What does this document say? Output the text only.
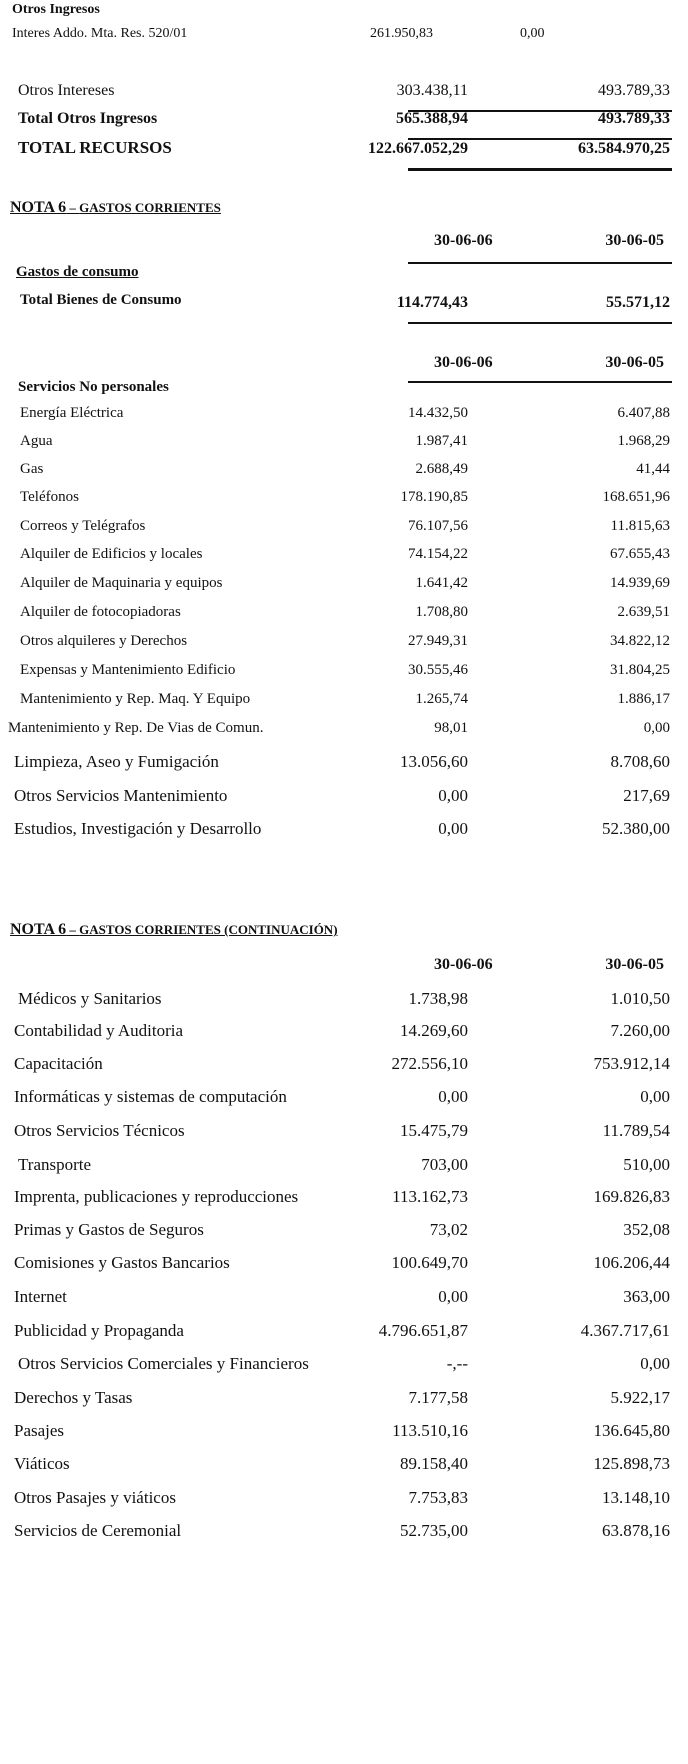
Otros Ingresos
Interes Addo. Mta. Res. 520/01	261.950,83	0,00
Otros Intereses	303.438,11	493.789,33
Total Otros Ingresos	565.388,94	493.789,33
TOTAL RECURSOS	122.667.052,29	63.584.970,25
NOTA 6 – GASTOS CORRIENTES
30-06-06	30-06-05
Gastos de consumo
Total Bienes de Consumo	114.774,43	55.571,12
30-06-06	30-06-05
Servicios No personales
Energía Eléctrica	14.432,50	6.407,88
Agua	1.987,41	1.968,29
Gas	2.688,49	41,44
Teléfonos	178.190,85	168.651,96
Correos y Telégrafos	76.107,56	11.815,63
Alquiler de Edificios y locales	74.154,22	67.655,43
Alquiler de Maquinaria y equipos	1.641,42	14.939,69
Alquiler de fotocopiadoras	1.708,80	2.639,51
Otros alquileres y Derechos	27.949,31	34.822,12
Expensas y Mantenimiento Edificio	30.555,46	31.804,25
Mantenimiento y Rep. Maq. Y Equipo	1.265,74	1.886,17
Mantenimiento y Rep. De Vias de Comun.	98,01	0,00
Limpieza, Aseo y Fumigación	13.056,60	8.708,60
Otros Servicios Mantenimiento	0,00	217,69
Estudios, Investigación y Desarrollo	0,00	52.380,00
NOTA 6 – GASTOS CORRIENTES (CONTINUACIÓN)
30-06-06	30-06-05
Médicos y Sanitarios	1.738,98	1.010,50
Contabilidad y Auditoria	14.269,60	7.260,00
Capacitación	272.556,10	753.912,14
Informáticas y sistemas de computación	0,00	0,00
Otros Servicios Técnicos	15.475,79	11.789,54
Transporte	703,00	510,00
Imprenta, publicaciones y reproducciones	113.162,73	169.826,83
Primas y Gastos de Seguros	73,02	352,08
Comisiones y Gastos Bancarios	100.649,70	106.206,44
Internet	0,00	363,00
Publicidad y Propaganda	4.796.651,87	4.367.717,61
Otros Servicios Comerciales y Financieros	-,--	0,00
Derechos y Tasas	7.177,58	5.922,17
Pasajes	113.510,16	136.645,80
Viáticos	89.158,40	125.898,73
Otros Pasajes y viáticos	7.753,83	13.148,10
Servicios de Ceremonial	52.735,00	63.878,16
